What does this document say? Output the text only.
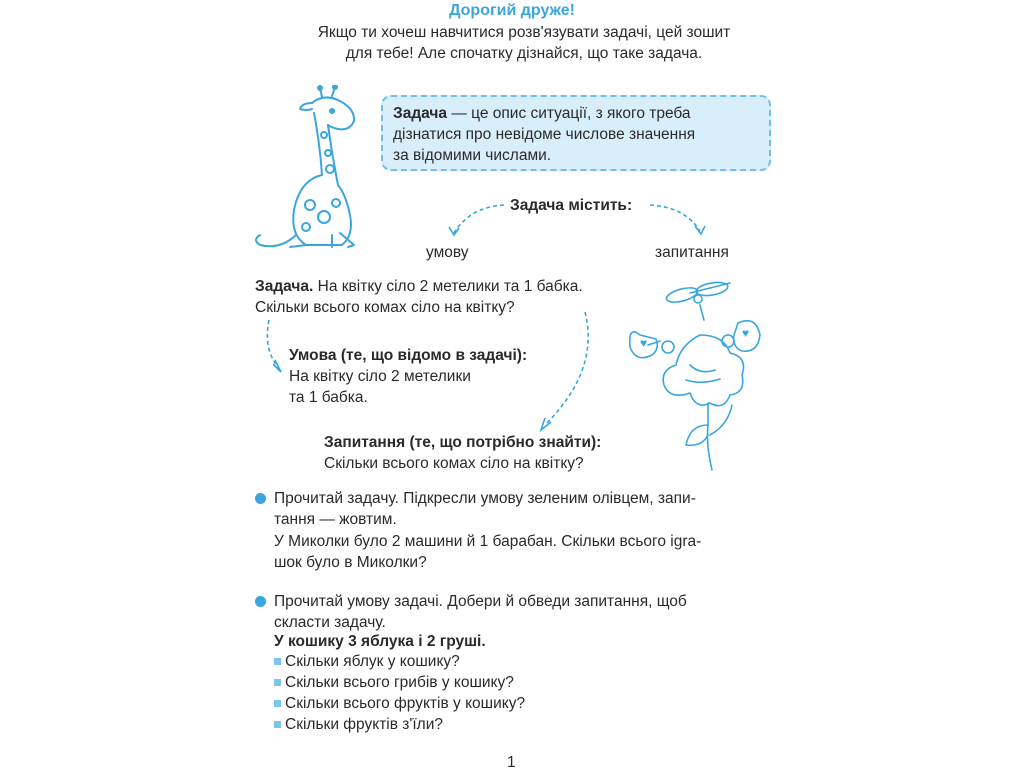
Дорогий друже!
Якщо ти хочеш навчитися розв'язувати задачі, цей зошит
для тебе! Але спочатку дізнайся, що таке задача.
Задача — це опис ситуації, з якого треба
дізнатися про невідоме числове значення
за відомими числами.
Задача містить:
умову	запитання
Задача. На квітку сіло 2 метелики та 1 бабка.
Скільки всього комах сіло на квітку?
Умова (те, що відомо в задачі):
На квітку сіло 2 метелики
та 1 бабка.
Запитання (те, що потрібно знайти):
Скільки всього комах сіло на квітку?
♥
♥
Прочитай задачу. Підкресли умову зеленим олівцем, запи-
тання — жовтим.
У Миколки було 2 машини й 1 барабан. Скільки всього igra-
шок було в Миколки?
Прочитай умову задачі. Добери й обведи запитання, щоб
скласти задачу.
У кошику 3 яблука і 2 груші.
Скільки яблук у кошику?
Скільки всього грибів у кошику?
Скільки всього фруктів у кошику?
Скільки фруктів з'їли?
1
